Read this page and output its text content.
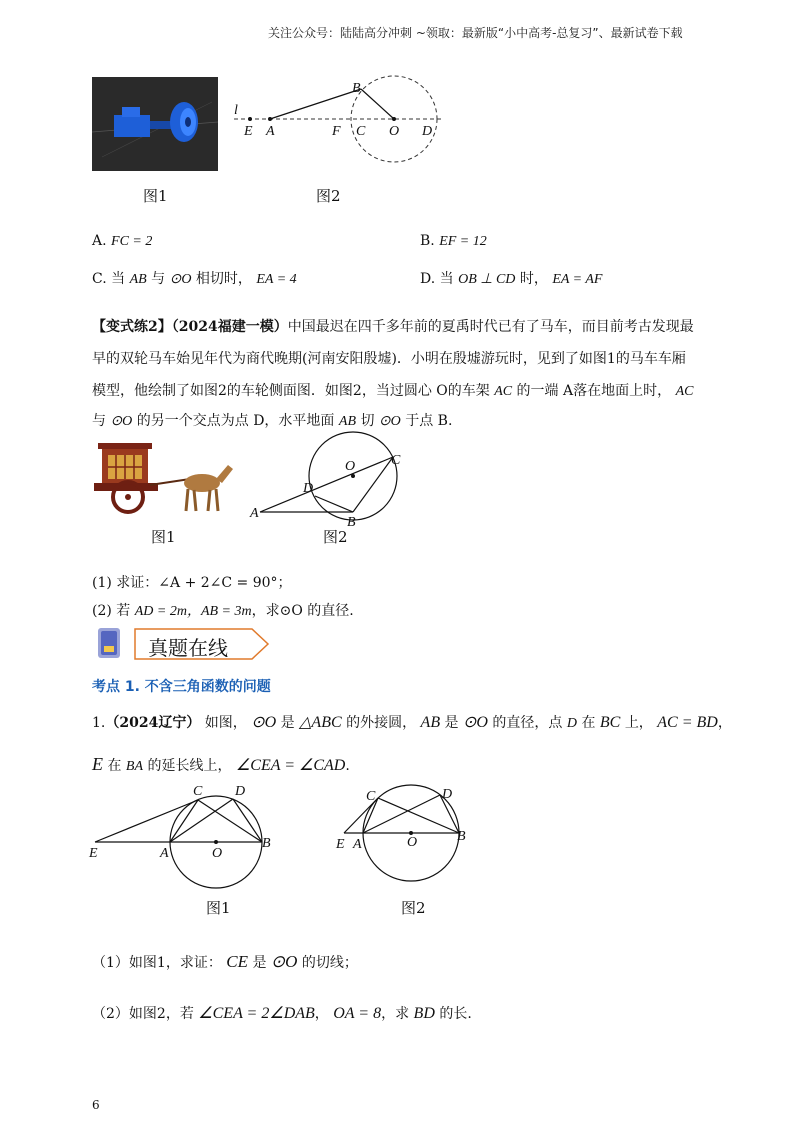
关注公众号：陆陆高分冲刺 ~领取：最新版“小中高考-总复习”、最新试卷下载
图1
l
E A	F C O D
B
图2
A. FC = 2	B. EF = 12
C. 当 AB 与 ⊙O 相切时， EA = 4	D. 当 OB ⊥ CD 时， EA = AF
【变式练2】（2024福建一模）中国最迟在四千多年前的夏禹时代已有了马车，而目前考古发现最
早的双轮马车始见年代为商代晚期(河南安阳殷墟)．小明在殷墟游玩时，见到了如图1的马车车厢
模型，他绘制了如图2的车轮侧面图．如图2，当过圆心 O的车架 AC 的一端 A落在地面上时， AC
与 ⊙O 的另一个交点为点 D，水平地面 AB 切 ⊙O 于点 B.
图1
O	C
D
A
B
图2
(1) 求证：∠A + 2∠C = 90°；
(2) 若 AD = 2m，AB = 3m，求⊙O 的直径.
真题在线
考点 1. 不含三角函数的问题
1.（2024辽宁） 如图， ⊙O 是 △ABC 的外接圆， AB 是 ⊙O 的直径，点 D 在 BC 上， AC = BD，
E 在 BA 的延长线上， ∠CEA = ∠CAD.
C D
E	A	O
B
图1
C	D
E A	O	B
图2
（1）如图1，求证： CE 是 ⊙O 的切线；
（2）如图2，若 ∠CEA = 2∠DAB， OA = 8，求 BD 的长.
6
